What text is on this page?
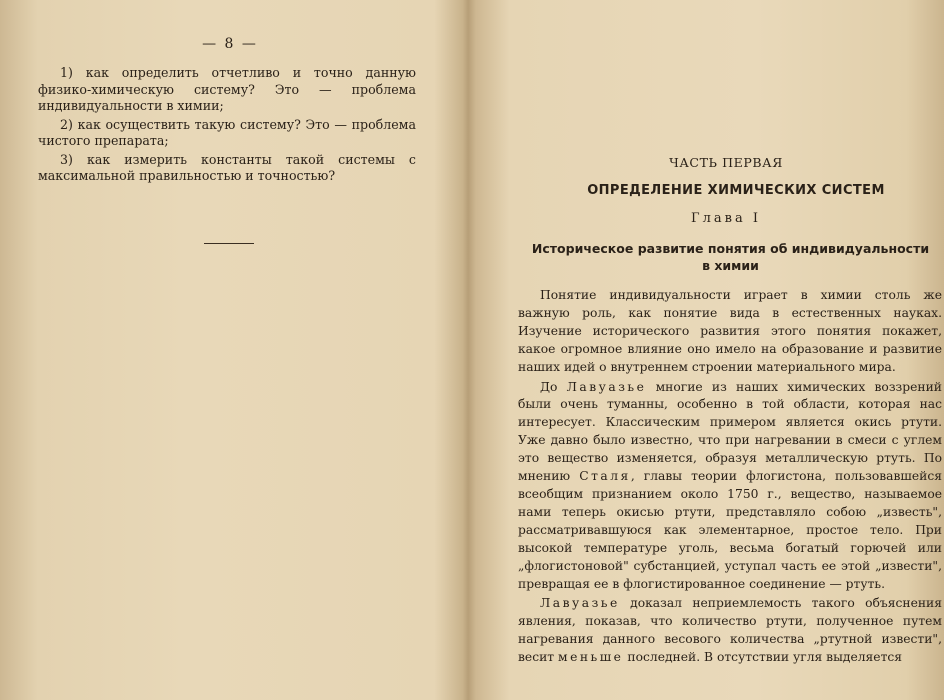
— 8 —

1) как определить отчетливо и точно данную физико-химическую систему? Это — проблема индивидуальности в химии;

2) как осуществить такую систему? Это — проблема чистого препарата;

3) как измерить константы такой системы с максимальной правильностью и точностью?

ЧАСТЬ ПЕРВАЯ
ОПРЕДЕЛЕНИЕ ХИМИЧЕСКИХ СИСТЕМ
Глава I
Историческое развитие понятия об индивидуальности
в химии

Понятие индивидуальности играет в химии столь же важную роль, как понятие вида в естественных науках. Изучение исторического развития этого понятия покажет, какое огромное влияние оно имело на образование и развитие наших идей о внутреннем строении материального мира.

До Лавуазье многие из наших химических воззрений были очень туманны, особенно в той области, которая нас интересует. Классическим примером является окись ртути. Уже давно было известно, что при нагревании в смеси с углем это вещество изменяется, образуя металлическую ртуть. По мнению Сталя, главы теории флогистона, пользовавшейся всеобщим признанием около 1750 г., вещество, называемое нами теперь окисью ртути, представляло собою „известь", рассматривавшуюся как элементарное, простое тело. При высокой температуре уголь, весьма богатый горючей или „флогистоновой" субстанцией, уступал часть ее этой „извести", превращая ее в флогистированное соединение — ртуть.

Лавуазье доказал неприемлемость такого объяснения явления, показав, что количество ртути, полученное путем нагревания данного весового количества „ртутной извести", весит меньше последней. В отсутствии угля выделяется
